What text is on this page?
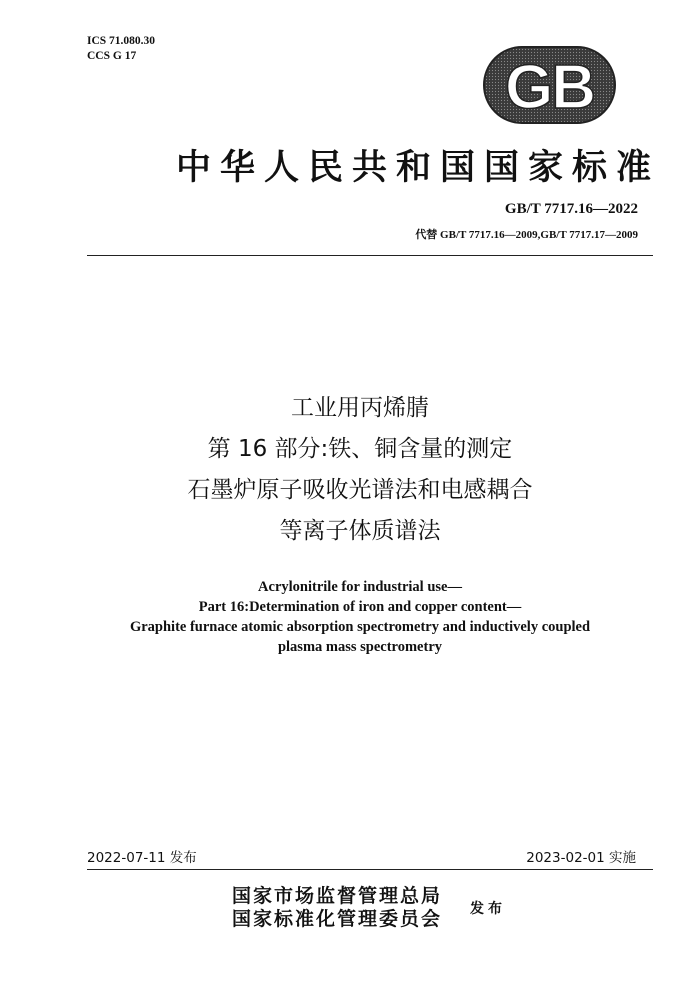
ICS 71.080.30
CCS G 17	GB
中华人民共和国国家标准
GB/T 7717.16—2022
代替 GB/T 7717.16—2009,GB/T 7717.17—2009
工业用丙烯腈
第 16 部分:铁、铜含量的测定
石墨炉原子吸收光谱法和电感耦合
等离子体质谱法
Acrylonitrile for industrial use—
Part 16:Determination of iron and copper content—
Graphite furnace atomic absorption spectrometry and inductively coupled
plasma mass spectrometry
2022-07-11 发布	2023-02-01 实施
国家市场监督管理总局
国家标准化管理委员会 发布
